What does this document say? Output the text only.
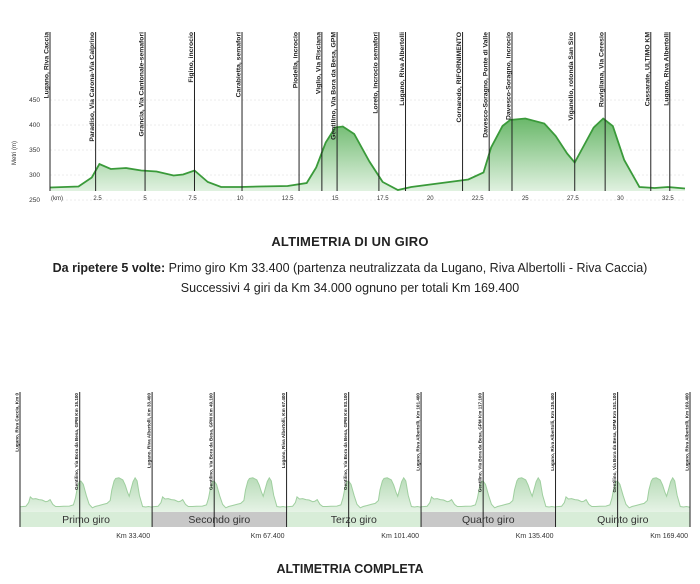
Lugano, Riva Caccia	Paradiso, Via Carona-Via Calprino	Grancia, Via Cantonale-semafori	Figino, incrocio	Carabietta, semafori	Piodella, incrocio Viglio, Via Risciana Gentilino, Via Bora da Besa, GPM	Loreto, incrocio semafori	Lugano, Riva Albertolli	Cornaredo, RIFORNIMENTO	Davesco-Soragno, Ponte di Valle Davesco-Soragno, incrocio	Viganello, rotonda San Siro	Ruvigliana, Via Ceresio	Cassarate, ULTIMO KM Lugano, Riva Albertolli
250
300
350
400
450
2.5	5	7.5	10	12.5	15	17.5	20	22.5	25	27.5	30	32.5
Metri (m)
(km)
ALTIMETRIA DI UN GIRO
Da ripetere 5 volte: Primo giro Km 33.400 (partenza neutralizzata da Lugano, Riva Albertolli - Riva Caccia)
Successivi 4 giri da Km 34.000 ognuno per totali Km 169.400
Primo giro	Secondo giro	Terzo giro	Quarto giro	Quinto giro
Lugano, Riva Caccia, Km 0	Gentilino, Via Bora da Besa, GPM Km 15.100	Lugano, Riva Albertolli, Km 33.400	Gentilino, Via Bora da Besa, GPM Km 49.100	Lugano, Riva Albertolli, Km 67.400	Gentilino, Via Bora da Besa, GPM Km 83.100	Lugano, Riva Albertolli, Km 101.400	Gentilino, Via Bora da Besa, GPM Km 117.100	Lugano, Riva Albertolli, Km 135.400	Gentilino, Via Bora da Besa, GPM Km 151.100	Lugano, Riva Albertolli, Km 169.400
Km 33.400	Km 67.400	Km 101.400	Km 135.400	Km 169.400
ALTIMETRIA COMPLETA
